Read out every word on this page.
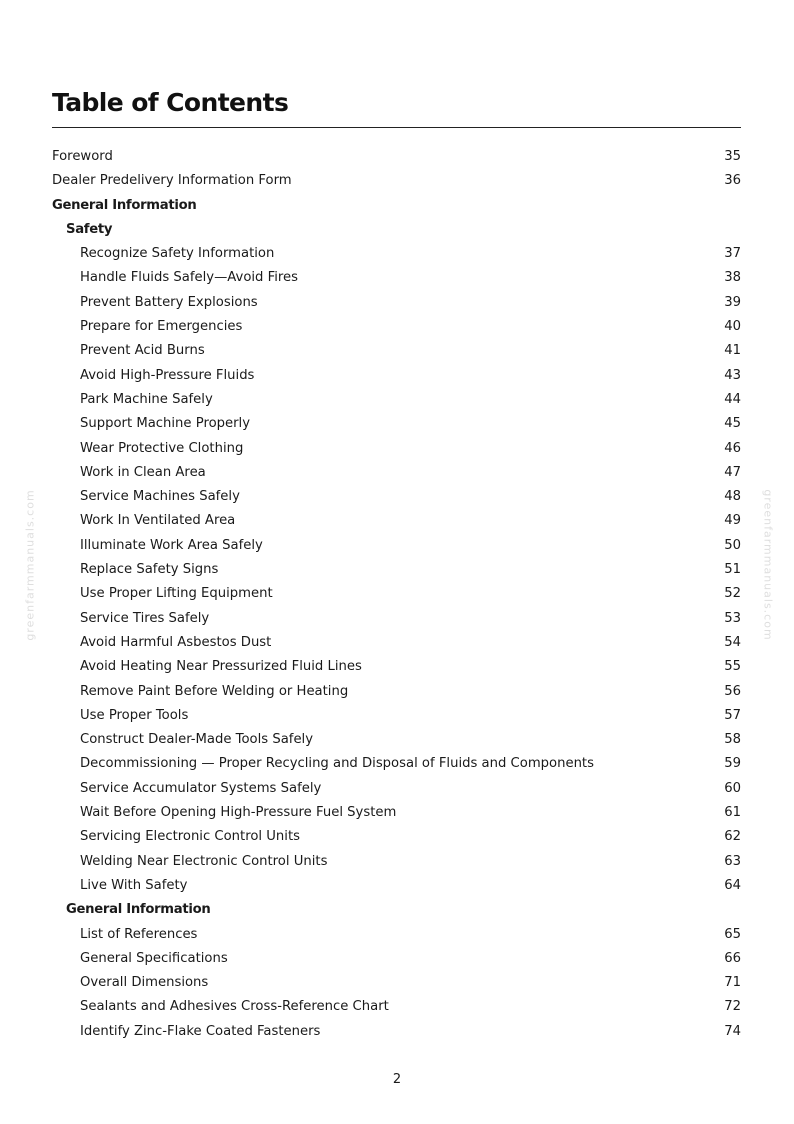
Table of Contents
Foreword	35
Dealer Predelivery Information Form	36
General Information
Safety
Recognize Safety Information	37
Handle Fluids Safely—Avoid Fires	38
Prevent Battery Explosions	39
Prepare for Emergencies	40
Prevent Acid Burns	41
Avoid High-Pressure Fluids	43
Park Machine Safely	44
Support Machine Properly	45
Wear Protective Clothing	46
Work in Clean Area	47
Service Machines Safely	48
Work In Ventilated Area	49
Illuminate Work Area Safely	50
Replace Safety Signs	51
Use Proper Lifting Equipment	52
Service Tires Safely	53
Avoid Harmful Asbestos Dust	54
Avoid Heating Near Pressurized Fluid Lines	55
Remove Paint Before Welding or Heating	56
Use Proper Tools	57
Construct Dealer-Made Tools Safely	58
Decommissioning — Proper Recycling and Disposal of Fluids and Components	59
Service Accumulator Systems Safely	60
Wait Before Opening High-Pressure Fuel System	61
Servicing Electronic Control Units	62
Welding Near Electronic Control Units	63
Live With Safety	64
General Information
List of References	65
General Specifications	66
Overall Dimensions	71
Sealants and Adhesives Cross-Reference Chart	72
Identify Zinc-Flake Coated Fasteners	74
greenfarmmanuals.com	greenfarmmanuals.com
2
